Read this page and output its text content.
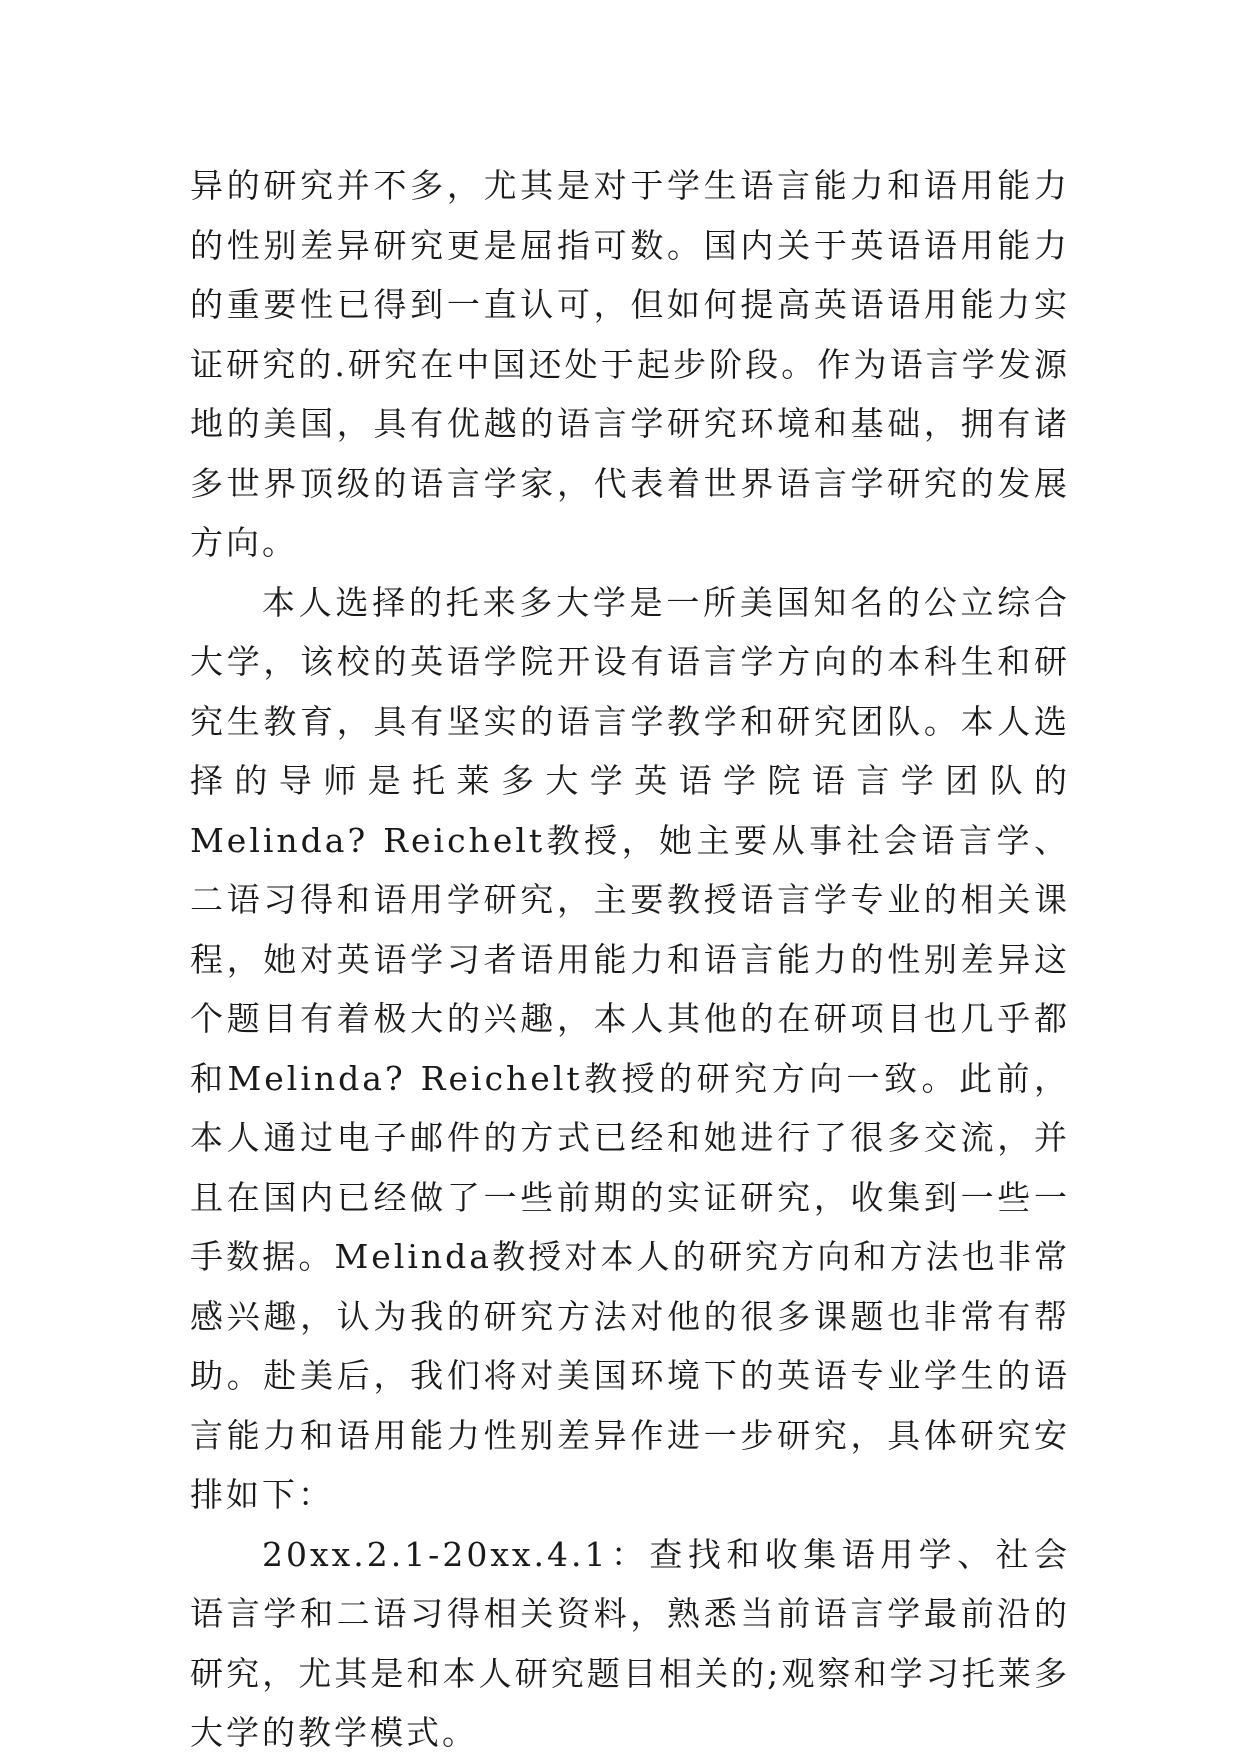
异的研究并不多，尤其是对于学生语言能力和语用能力的性别差异研究更是屈指可数。国内关于英语语用能力的重要性已得到一直认可，但如何提高英语语用能力实证研究的.研究在中国还处于起步阶段。作为语言学发源地的美国，具有优越的语言学研究环境和基础，拥有诸多世界顶级的语言学家，代表着世界语言学研究的发展方向。

本人选择的托来多大学是一所美国知名的公立综合大学，该校的英语学院开设有语言学方向的本科生和研究生教育，具有坚实的语言学教学和研究团队。本人选择的导师是托莱多大学英语学院语言学团队的Melinda? Reichelt教授，她主要从事社会语言学、二语习得和语用学研究，主要教授语言学专业的相关课程，她对英语学习者语用能力和语言能力的性别差异这个题目有着极大的兴趣，本人其他的在研项目也几乎都和Melinda? Reichelt教授的研究方向一致。此前，本人通过电子邮件的方式已经和她进行了很多交流，并且在国内已经做了一些前期的实证研究，收集到一些一手数据。Melinda教授对本人的研究方向和方法也非常感兴趣，认为我的研究方法对他的很多课题也非常有帮助。赴美后，我们将对美国环境下的英语专业学生的语言能力和语用能力性别差异作进一步研究，具体研究安排如下：

20xx.2.1-20xx.4.1：查找和收集语用学、社会语言学和二语习得相关资料，熟悉当前语言学最前沿的研究，尤其是和本人研究题目相关的;观察和学习托莱多大学的教学模式。
